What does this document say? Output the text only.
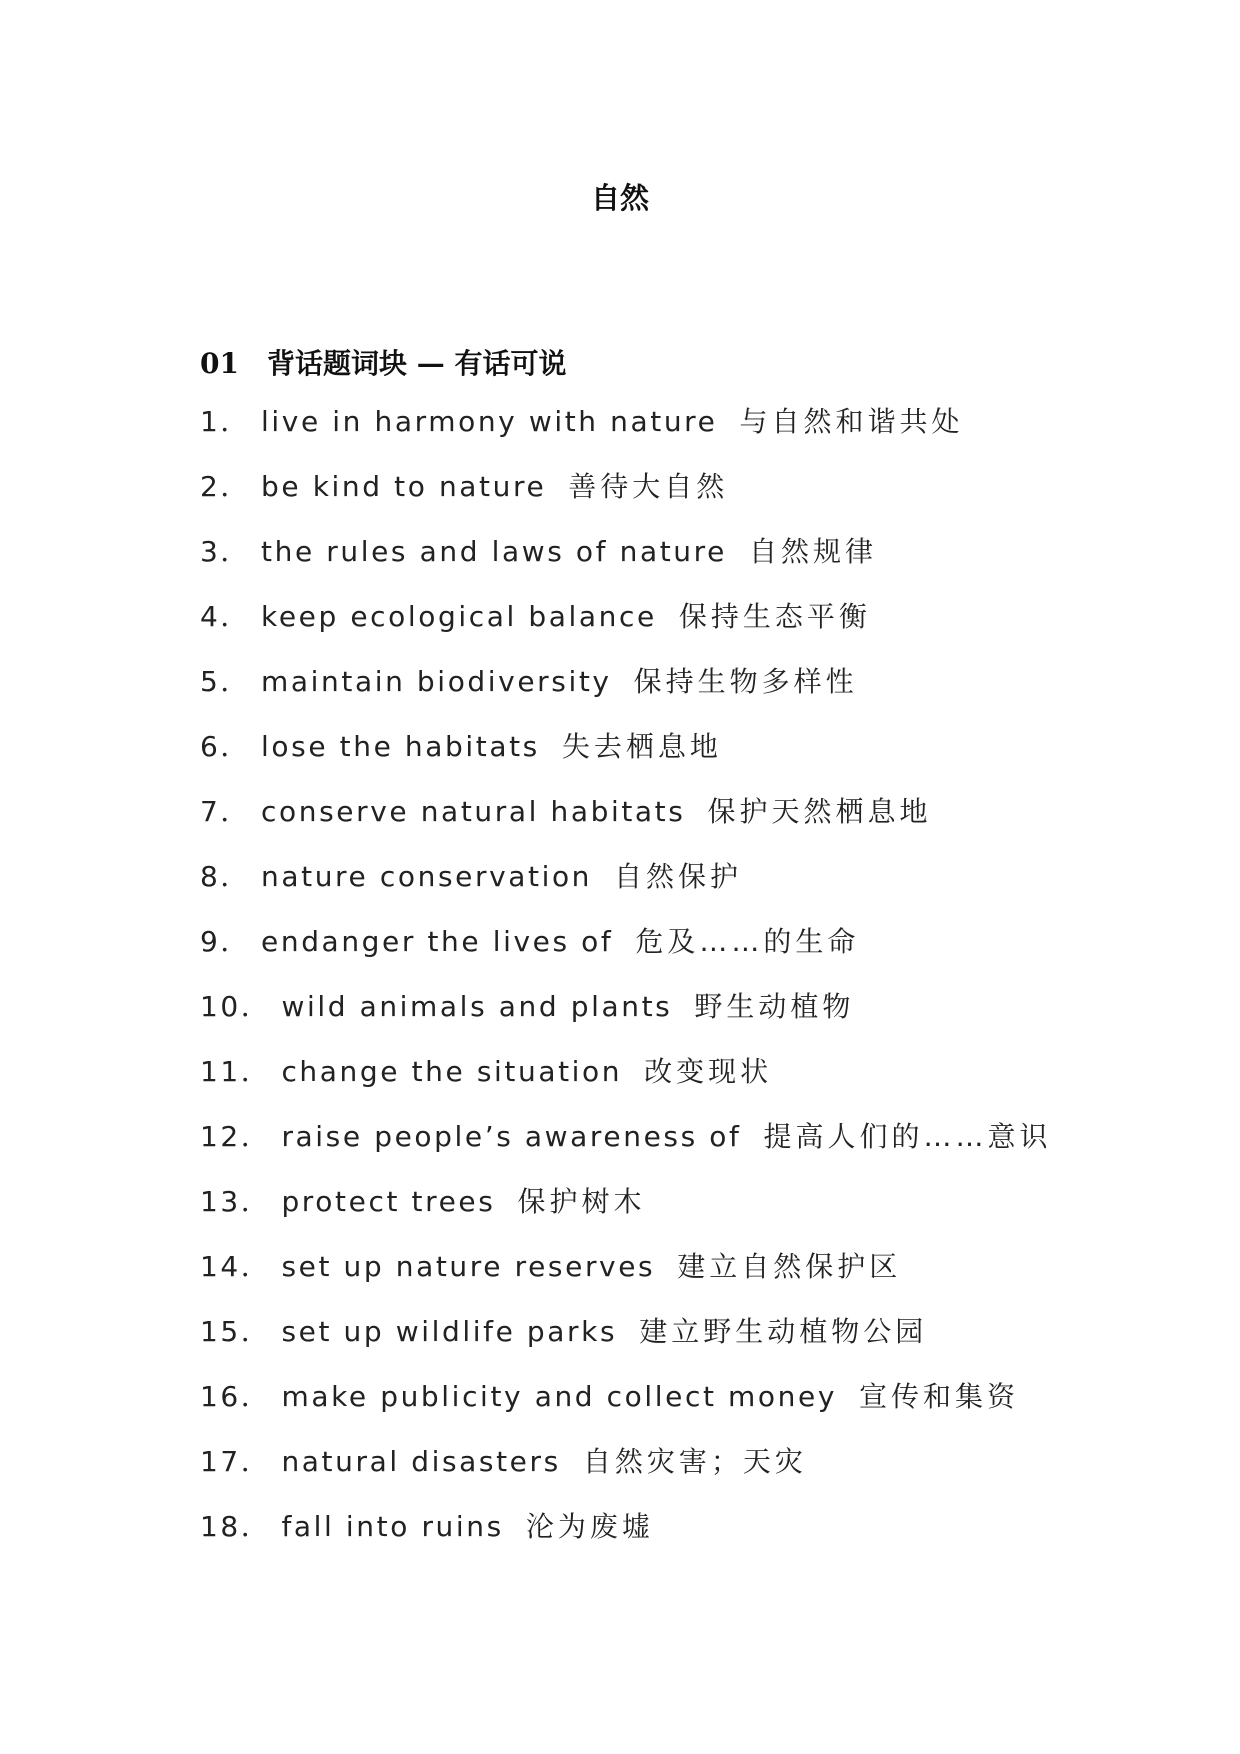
自然
01 背话题词块 — 有话可说
1． live in harmony with nature 与自然和谐共处
2． be kind to nature 善待大自然
3． the rules and laws of nature 自然规律
4． keep ecological balance 保持生态平衡
5． maintain biodiversity 保持生物多样性
6． lose the habitats 失去栖息地
7． conserve natural habitats 保护天然栖息地
8． nature conservation 自然保护
9． endanger the lives of 危及……的生命
10． wild animals and plants 野生动植物
11． change the situation 改变现状
12． raise people’s awareness of 提高人们的……意识
13． protect trees 保护树木
14． set up nature reserves 建立自然保护区
15． set up wildlife parks 建立野生动植物公园
16． make publicity and collect money 宣传和集资
17． natural disasters 自然灾害；天灾
18． fall into ruins 沦为废墟
